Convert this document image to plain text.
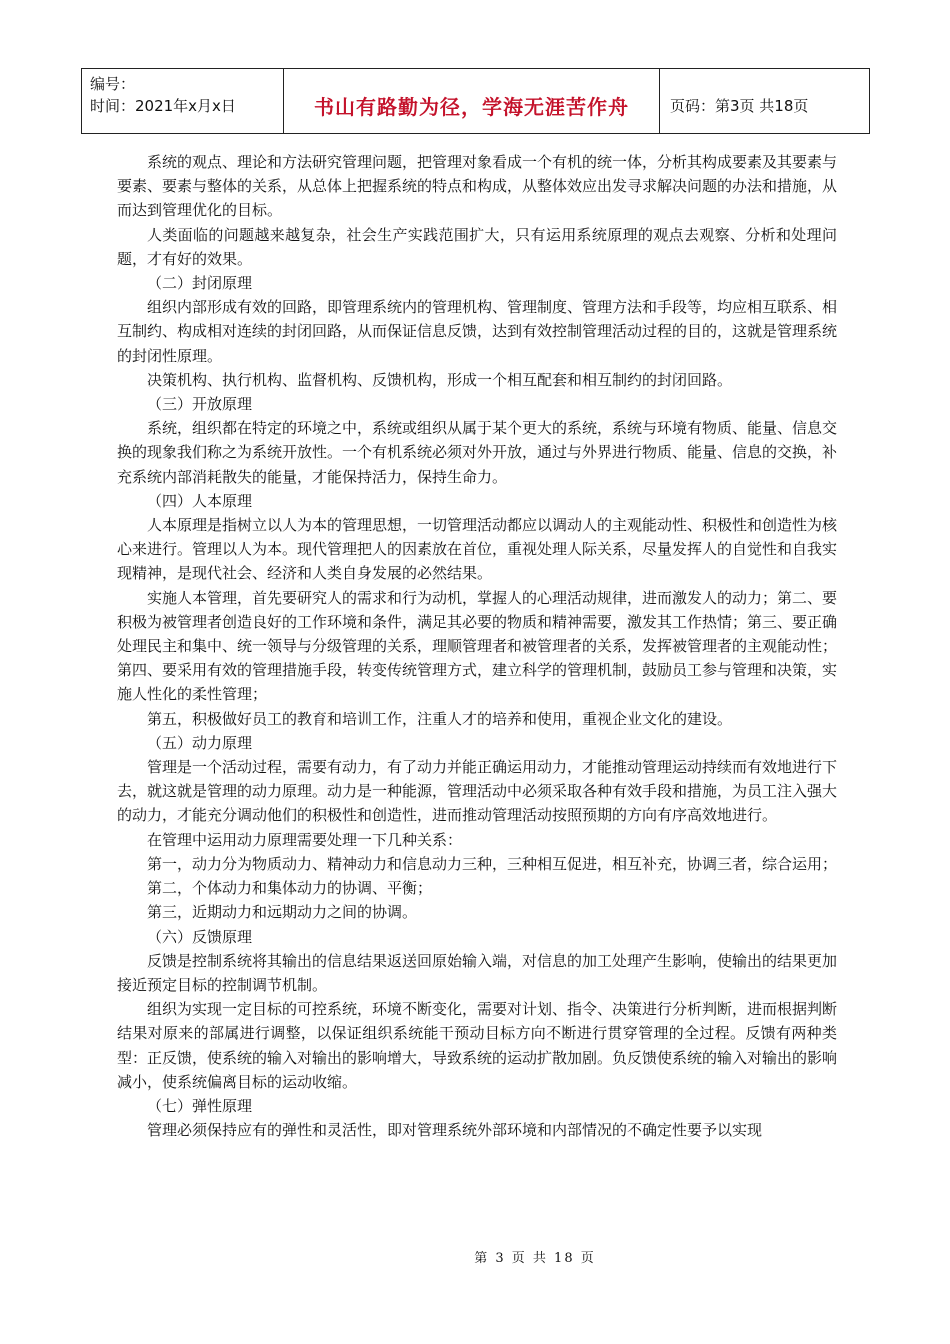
编号：
时间：2021年x月x日	书山有路勤为径，学海无涯苦作舟	页码：第3页 共18页

系统的观点、理论和方法研究管理问题，把管理对象看成一个有机的统一体，分析其构成要素及其要素与要素、要素与整体的关系，从总体上把握系统的特点和构成，从整体效应出发寻求解决问题的办法和措施，从而达到管理优化的目标。

人类面临的问题越来越复杂，社会生产实践范围扩大，只有运用系统原理的观点去观察、分析和处理问题，才有好的效果。

（二）封闭原理

组织内部形成有效的回路，即管理系统内的管理机构、管理制度、管理方法和手段等，均应相互联系、相互制约、构成相对连续的封闭回路，从而保证信息反馈，达到有效控制管理活动过程的目的，这就是管理系统的封闭性原理。

决策机构、执行机构、监督机构、反馈机构，形成一个相互配套和相互制约的封闭回路。

（三）开放原理

系统，组织都在特定的环境之中，系统或组织从属于某个更大的系统，系统与环境有物质、能量、信息交换的现象我们称之为系统开放性。一个有机系统必须对外开放，通过与外界进行物质、能量、信息的交换，补充系统内部消耗散失的能量，才能保持活力，保持生命力。

（四）人本原理

人本原理是指树立以人为本的管理思想，一切管理活动都应以调动人的主观能动性、积极性和创造性为核心来进行。管理以人为本。现代管理把人的因素放在首位，重视处理人际关系，尽量发挥人的自觉性和自我实现精神，是现代社会、经济和人类自身发展的必然结果。

实施人本管理，首先要研究人的需求和行为动机，掌握人的心理活动规律，进而激发人的动力；第二、要积极为被管理者创造良好的工作环境和条件，满足其必要的物质和精神需要，激发其工作热情；第三、要正确处理民主和集中、统一领导与分级管理的关系，理顺管理者和被管理者的关系，发挥被管理者的主观能动性；第四、要采用有效的管理措施手段，转变传统管理方式，建立科学的管理机制，鼓励员工参与管理和决策，实施人性化的柔性管理；

第五，积极做好员工的教育和培训工作，注重人才的培养和使用，重视企业文化的建设。

（五）动力原理

管理是一个活动过程，需要有动力，有了动力并能正确运用动力，才能推动管理运动持续而有效地进行下去，就这就是管理的动力原理。动力是一种能源，管理活动中必须采取各种有效手段和措施，为员工注入强大的动力，才能充分调动他们的积极性和创造性，进而推动管理活动按照预期的方向有序高效地进行。

在管理中运用动力原理需要处理一下几种关系：

第一，动力分为物质动力、精神动力和信息动力三种，三种相互促进，相互补充，协调三者，综合运用；

第二，个体动力和集体动力的协调、平衡；

第三，近期动力和远期动力之间的协调。

（六）反馈原理

反馈是控制系统将其输出的信息结果返送回原始输入端，对信息的加工处理产生影响，使输出的结果更加接近预定目标的控制调节机制。

组织为实现一定目标的可控系统，环境不断变化，需要对计划、指令、决策进行分析判断，进而根据判断结果对原来的部属进行调整，以保证组织系统能干预动目标方向不断进行贯穿管理的全过程。反馈有两种类型：正反馈，使系统的输入对输出的影响增大，导致系统的运动扩散加剧。负反馈使系统的输入对输出的影响减小，使系统偏离目标的运动收缩。

（七）弹性原理

管理必须保持应有的弹性和灵活性，即对管理系统外部环境和内部情况的不确定性要予以实现

第 3 页 共 18 页
